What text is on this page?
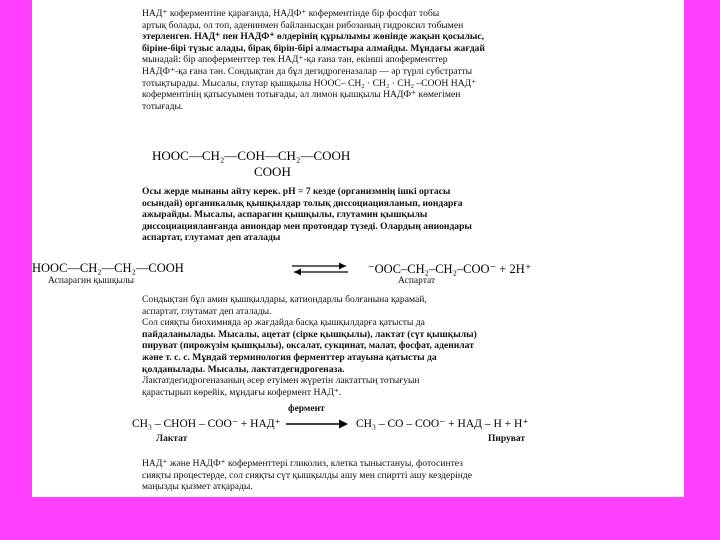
НАД⁺ коферментіне қарағанда, НАДФ⁺ коферментінде бір фосфат тобы
артық болады, ол топ, аденинмен байланысқан рибозаның гидроксил тобымен
этерленген. НАД⁺ пен НАДФ⁺ өлдерінің құрылымы жөнінде жақын қосылыс,
біріне-бірі түзыс алады, бірақ бірін-бірі алмастыра алмайды. Мұндағы жағдай
мынадай: бір апоферменттер тек НАД⁺-қа ғана тән, екінші апоферменттер
НАДФ⁺-қа ғана тән. Сондықтан да бұл дегидрогеназалар — әр түрлі субстратты
тотықтырады. Мысалы, глутар қышқылы HOOC– CH₂ · CH₂ · CH₂ –COOH НАД⁺
коферментінің қатысуымен тотығады, ал лимон қышқылы НАДФ⁺ көмегімен
тотығады.
HOOC—CH₂—COH—CH₂—COOH
COOH
Осы жерде мынаны айту керек. рН = 7 кезде (организмнің ішкі ортасы
осындай) органикалық қышқылдар толық диссоциацияланып, иондарға
ажырайды. Мысалы, аспарагин қышқылы, глутамин қышқылы
диссоциацияланғанда аниондар мен протондар түзеді. Олардың аниондары
аспартат, глутамат деп аталады
HOOC—CH₂—CH₂—COOH
Аспарагин қышқылы
⇌ ⁻OOC–CH₂–CH₂–COO⁻ + 2H⁺
Аспартат
Сондықтан бұл амин қышқылдары, катиондарлы болғанына қарамай,
аспартат, глутамат деп аталады.
Сол сияқты биохимияда әр жағдайда басқа қышқылдарға қатысты да
пайдаланылады. Мысалы, ацетат (сірке қышқылы), лактат (сүт қышқылы)
пируват (пирожүзім қышқылы), оксалат, сукцинат, малат, фосфат, аденилат
және т. с. с. Мұндай терминология ферменттер атауына қатысты да
қолданылады. Мысалы, лактатдегидрогеназа.
Лактатдегидрогеназаның әсер етуімен жүретін лактаттың тотығуын
қарастырып көрейік, мұндағы кофермент НАД⁺.
фермент
CH₃ – CHOH – COO⁻ + НАД⁺	CH₃ – CO – COO⁻ + НАД – H + H⁺
Лактат	Пируват
НАД⁺ және НАДФ⁺ коферменттері гликолиз, клетка тыныстануы, фотосинтез
сияқты процестерде, сол сияқты сүт қышқылды ашу мен спиртті ашу кездерінде
маңызды қызмет атқарады.
